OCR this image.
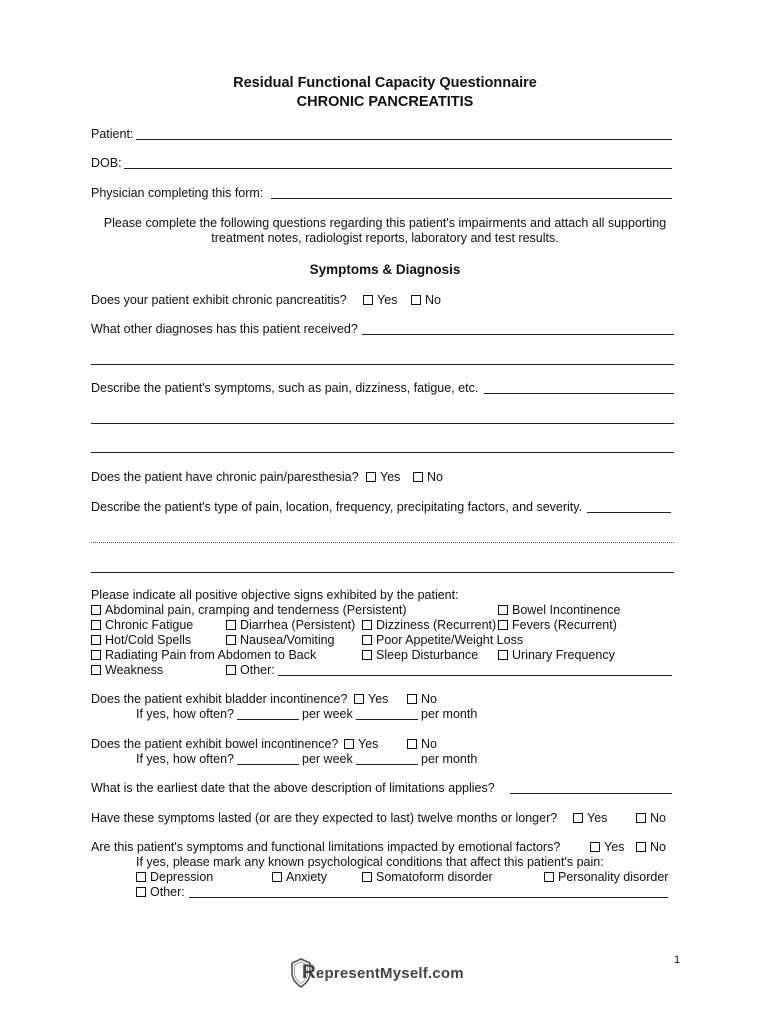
Residual Functional Capacity Questionnaire
CHRONIC PANCREATITIS
Patient:
DOB:
Physician completing this form:
Please complete the following questions regarding this patient's impairments and attach all supporting
treatment notes, radiologist reports, laboratory and test results.
Symptoms & Diagnosis
Does your patient exhibit chronic pancreatitis?	Yes	No
What other diagnoses has this patient received?
Describe the patient's symptoms, such as pain, dizziness, fatigue, etc.
Does the patient have chronic pain/paresthesia?	Yes	No
Describe the patient's type of pain, location, frequency, precipitating factors, and severity.
Please indicate all positive objective signs exhibited by the patient:
Abdominal pain, cramping and tenderness (Persistent)	Bowel Incontinence
Chronic Fatigue	Diarrhea (Persistent)	Dizziness (Recurrent)	Fevers (Recurrent)
Hot/Cold Spells	Nausea/Vomiting	Poor Appetite/Weight Loss
Radiating Pain from Abdomen to Back	Sleep Disturbance	Urinary Frequency
Weakness	Other:
Does the patient exhibit bladder incontinence?	Yes	No
If yes, how often?	per week	per month
Does the patient exhibit bowel incontinence?	Yes	No
If yes, how often?	per week	per month
What is the earliest date that the above description of limitations applies?
Have these symptoms lasted (or are they expected to last) twelve months or longer?	Yes	No
Are this patient's symptoms and functional limitations impacted by emotional factors?	Yes	No
If yes, please mark any known psychological conditions that affect this patient's pain:
Depression	Anxiety	Somatoform disorder	Personality disorder
Other:
1
RepresentMyself.com
